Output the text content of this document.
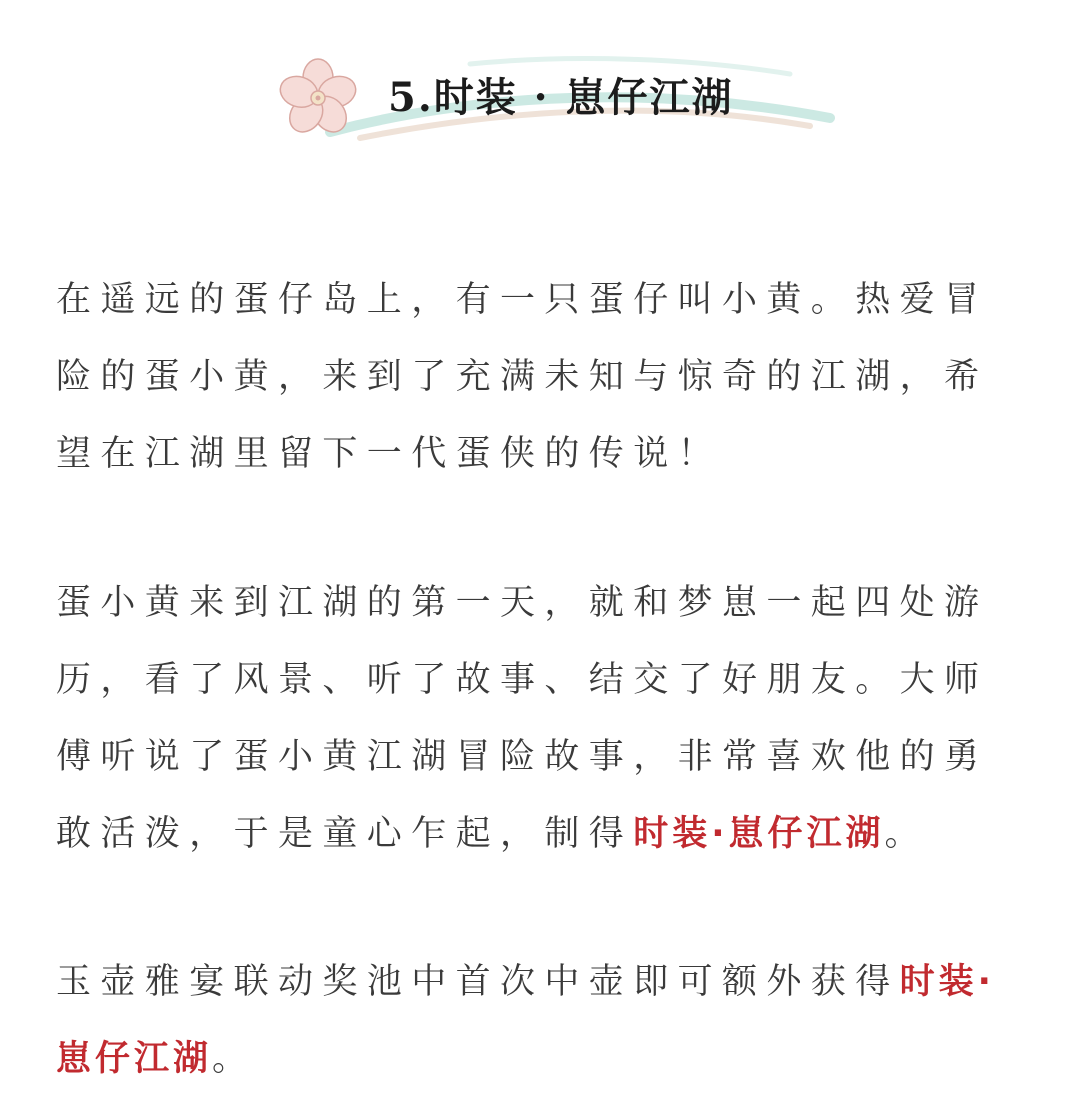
5.时装 · 崽仔江湖

在遥远的蛋仔岛上，有一只蛋仔叫小黄。热爱冒险的蛋小黄，来到了充满未知与惊奇的江湖，希望在江湖里留下一代蛋侠的传说！

蛋小黄来到江湖的第一天，就和梦崽一起四处游历，看了风景、听了故事、结交了好朋友。大师傅听说了蛋小黄江湖冒险故事，非常喜欢他的勇敢活泼，于是童心乍起，制得时装·崽仔江湖。

玉壶雅宴联动奖池中首次中壶即可额外获得时装·崽仔江湖。
